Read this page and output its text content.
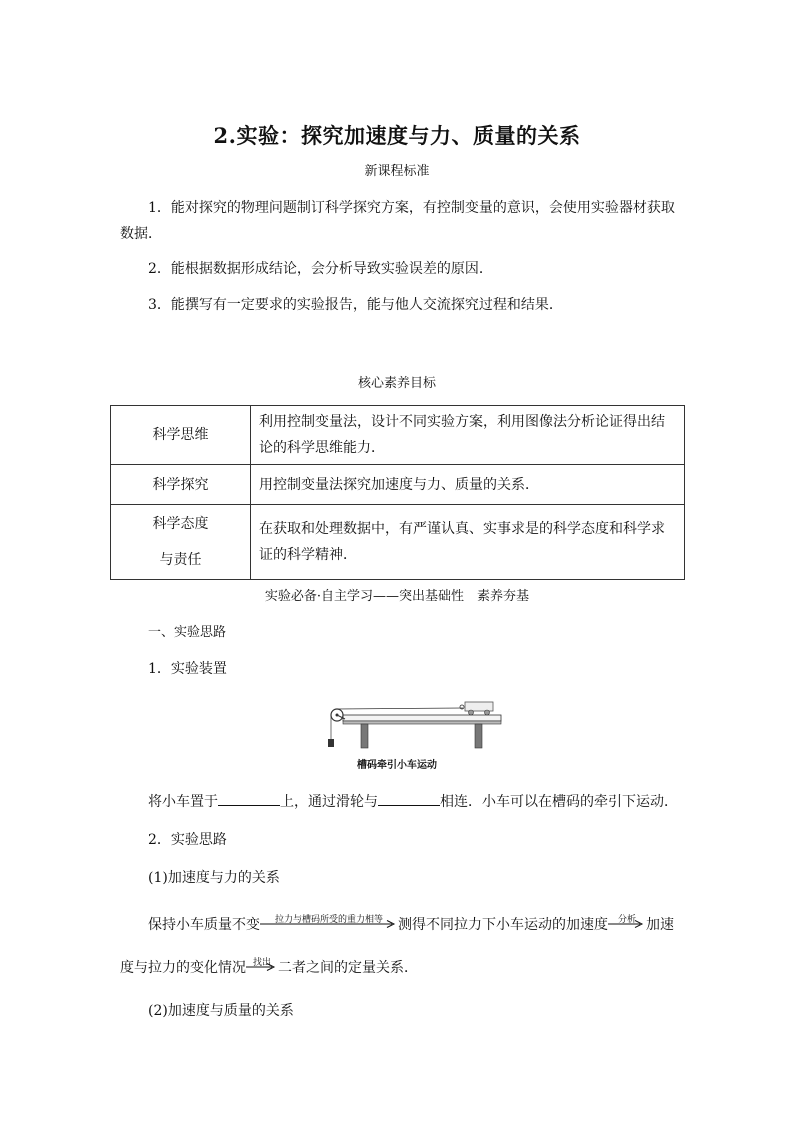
2.实验：探究加速度与力、质量的关系
新课程标准
1．能对探究的物理问题制订科学探究方案，有控制变量的意识，会使用实验器材获取数据．
2．能根据数据形成结论，会分析导致实验误差的原因．
3．能撰写有一定要求的实验报告，能与他人交流探究过程和结果．
核心素养目标
科学思维	利用控制变量法，设计不同实验方案，利用图像法分析论证得出结论的科学思维能力．
科学探究	用控制变量法探究加速度与力、质量的关系．

科学态度
与责任	在获取和处理数据中，有严谨认真、实事求是的科学态度和科学求证的科学精神．
实验必备·自主学习——突出基础性　素养夯基
一、实验思路
1．实验装置
槽码牵引小车运动
将小车置于	上，通过滑轮与	相连．小车可以在槽码的牵引下运动．
2．实验思路
(1)加速度与力的关系
保持小车质量不变	拉力与槽码所受的重力相等	测得不同拉力下小车运动的加速度	分析 加速
度与拉力的变化情况 找出 二者之间的定量关系．
(2)加速度与质量的关系
